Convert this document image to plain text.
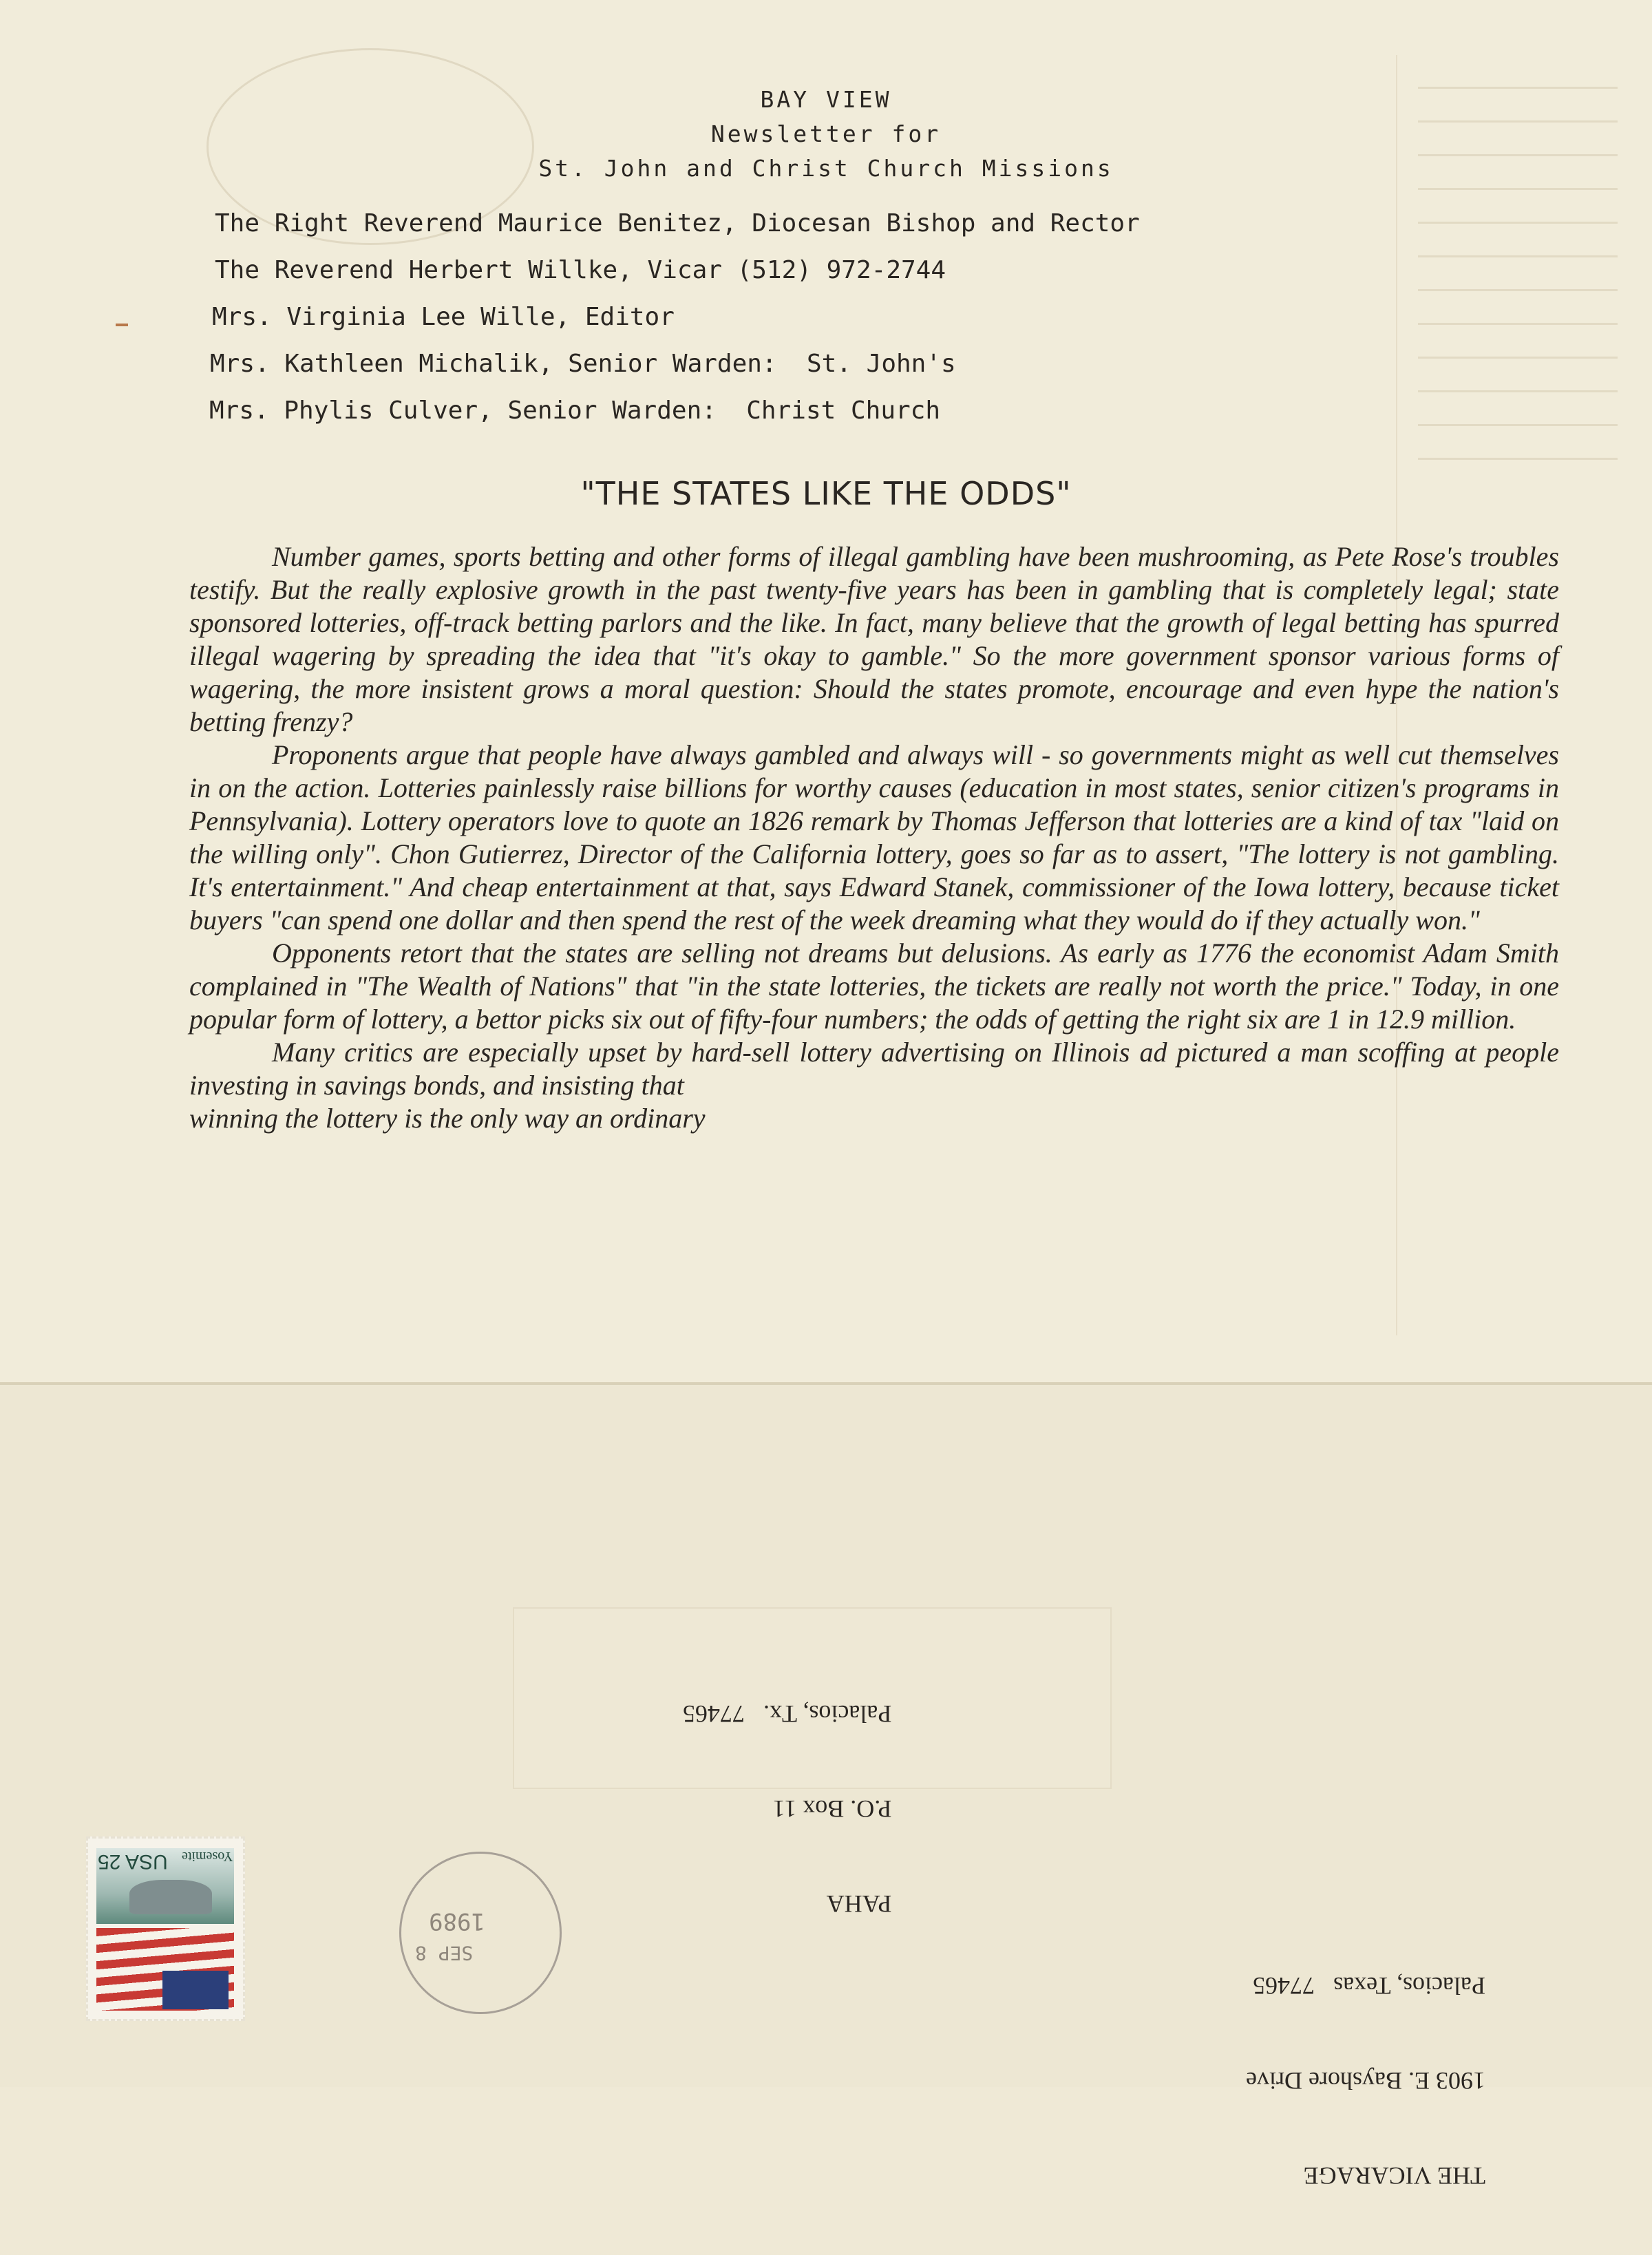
BAY VIEW
Newsletter for
St. John and Christ Church Missions
The Right Reverend Maurice Benitez, Diocesan Bishop and Rector
The Reverend Herbert Willke, Vicar (512) 972-2744
Mrs. Virginia Lee Wille, Editor
Mrs. Kathleen Michalik, Senior Warden:  St. John's
Mrs. Phylis Culver, Senior Warden:  Christ Church
"THE STATES LIKE THE ODDS"

Number games, sports betting and other forms of illegal gambling have been mushrooming, as Pete Rose's troubles testify. But the really explosive growth in the past twenty-five years has been in gambling that is completely legal; state sponsored lotteries, off-track betting parlors and the like. In fact, many believe that the growth of legal betting has spurred illegal wagering by spreading the idea that "it's okay to gamble." So the more government sponsor various forms of wagering, the more insistent grows a moral question: Should the states promote, encourage and even hype the nation's betting frenzy?

Proponents argue that people have always gambled and always will - so governments might as well cut themselves in on the action. Lotteries painlessly raise billions for worthy causes (education in most states, senior citizen's programs in Pennsylvania). Lottery operators love to quote an 1826 remark by Thomas Jefferson that lotteries are a kind of tax "laid on the willing only". Chon Gutierrez, Director of the California lottery, goes so far as to assert, "The lottery is not gambling. It's entertainment." And cheap entertainment at that, says Edward Stanek, commissioner of the Iowa lottery, because ticket buyers "can spend one dollar and then spend the rest of the week dreaming what they would do if they actually won."

Opponents retort that the states are selling not dreams but delusions. As early as 1776 the economist Adam Smith complained in "The Wealth of Nations" that "in the state lotteries, the tickets are really not worth the price." Today, in one popular form of lottery, a bettor picks six out of fifty-four numbers; the odds of getting the right six are 1 in 12.9 million.

Many critics are especially upset by hard-sell lottery advertising on Illinois ad pictured a man scoffing at people investing in savings bonds, and insisting that

PAHA

P.O. Box 11

Palacios, Tx.   77465

THE VICARAGE

1903 E. Bayshore Drive

Palacios, Texas   77465

USA 25 Yosemite
1989
SEP 8
